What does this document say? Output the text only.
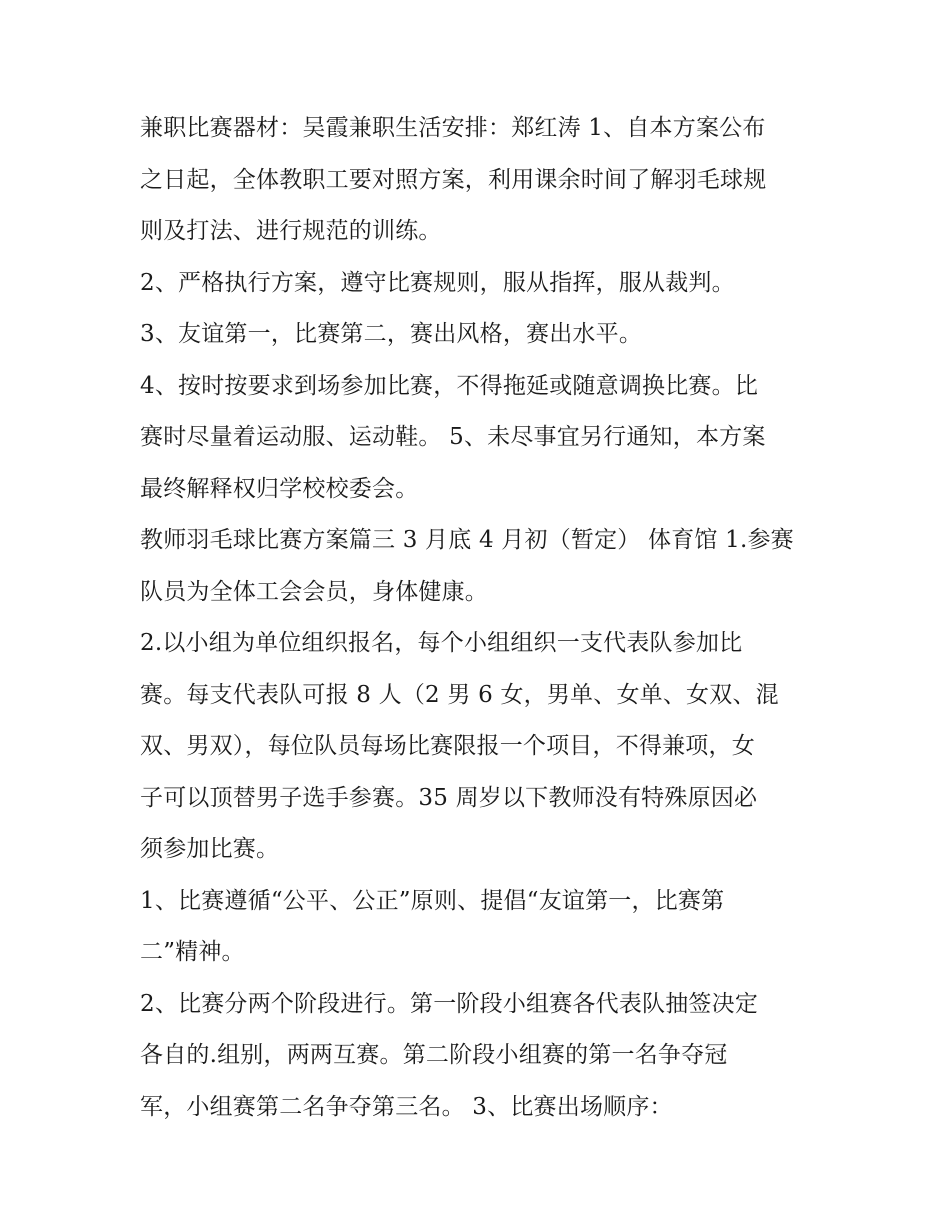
兼职比赛器材：吴霞兼职生活安排：郑红涛 1、自本方案公布
之日起，全体教职工要对照方案，利用课余时间了解羽毛球规
则及打法、进行规范的训练。
2、严格执行方案，遵守比赛规则，服从指挥，服从裁判。
3、友谊第一，比赛第二，赛出风格，赛出水平。
4、按时按要求到场参加比赛，不得拖延或随意调换比赛。比
赛时尽量着运动服、运动鞋。 5、未尽事宜另行通知，本方案
最终解释权归学校校委会。
教师羽毛球比赛方案篇三 3 月底 4 月初（暂定） 体育馆 1.参赛
队员为全体工会会员，身体健康。
2.以小组为单位组织报名，每个小组组织一支代表队参加比
赛。每支代表队可报 8 人（2 男 6 女，男单、女单、女双、混
双、男双），每位队员每场比赛限报一个项目，不得兼项，女
子可以顶替男子选手参赛。35 周岁以下教师没有特殊原因必
须参加比赛。
1、比赛遵循“公平、公正”原则、提倡“友谊第一，比赛第
二”精神。
2、比赛分两个阶段进行。第一阶段小组赛各代表队抽签决定
各自的.组别，两两互赛。第二阶段小组赛的第一名争夺冠
军，小组赛第二名争夺第三名。 3、比赛出场顺序：
